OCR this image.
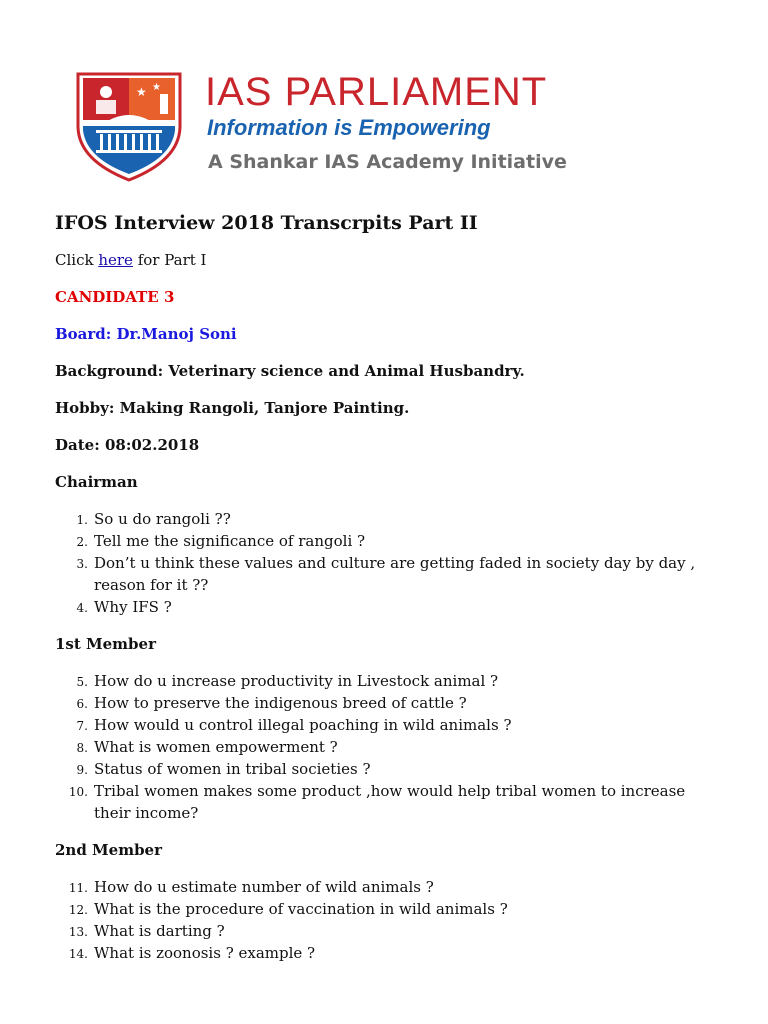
★ ★ IAS PARLIAMENT
Information is Empowering
A Shankar IAS Academy Initiative
IFOS Interview 2018 Transcrpits Part II

Click here for Part I

CANDIDATE 3

Board: Dr.Manoj Soni

Background: Veterinary science and Animal Husbandry.

Hobby: Making Rangoli, Tanjore Painting.

Date: 08:02.2018

Chairman

1. So u do rangoli ??
2. Tell me the significance of rangoli ?
3. Don’t u think these values and culture are getting faded in society day by day , reason for it ??
4. Why IFS ?

1st Member

5. How do u increase productivity in Livestock animal ?
6. How to preserve the indigenous breed of cattle ?
7. How would u control illegal poaching in wild animals ?
8. What is women empowerment ?
9. Status of women in tribal societies ?
10. Tribal women makes some product ,how would help tribal women to increase their income?

2nd Member

11. How do u estimate number of wild animals ?
12. What is the procedure of vaccination in wild animals ?
13. What is darting ?
14. What is zoonosis ? example ?
